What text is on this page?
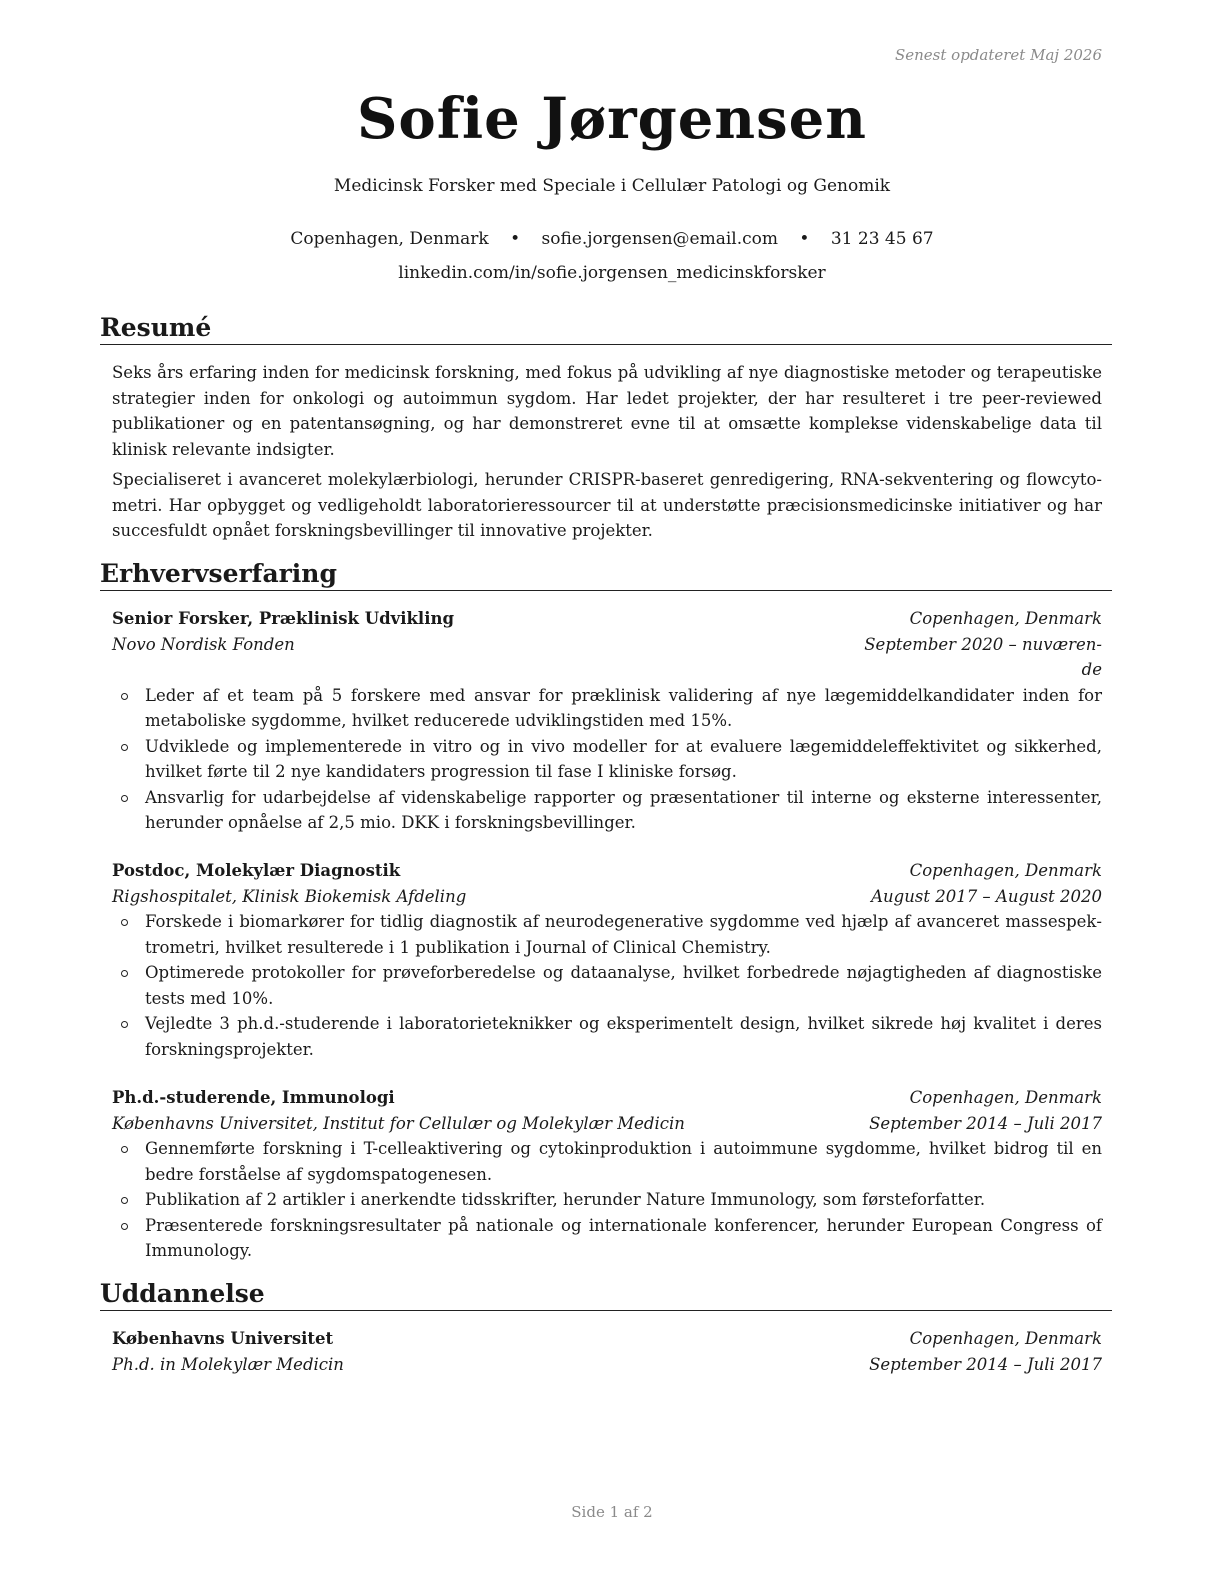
Senest opdateret Maj 2026
Sofie Jørgensen
Medicinsk Forsker med Speciale i Cellulær Patologi og Genomik
Copenhagen, Denmark • sofie.jorgensen@email.com • 31 23 45 67
linkedin.com/in/sofie.jorgensen_medicinskforsker
Resumé

Seks års erfaring inden for medicinsk forskning, med fokus på udvikling af nye diagnostiske metoder og terapeutiske strategier inden for onkologi og autoimmun sygdom. Har ledet projekter, der har resulteret i tre peer-reviewed publikationer og en patentansøgning, og har demonstreret evne til at omsætte komplekse videnskabelige data til klinisk relevante indsigter.

Specialiseret i avanceret molekylærbiologi, herunder CRISPR-baseret genredigering, RNA-sekventering og flowcytometri. Har opbygget og vedligeholdt laboratorieressourcer til at understøtte præcisionsmedicinske initiativer og har succesfuldt opnået forskningsbevillinger til innovative projekter.

Erhvervserfaring
Senior Forsker, Præklinisk Udvikling	Copenhagen, Denmark
Novo Nordisk Fonden	September 2020 – nuværen-de
Leder af et team på 5 forskere med ansvar for præklinisk validering af nye lægemiddelkandidater inden for metaboliske sygdomme, hvilket reducerede udviklingstiden med 15%.
Udviklede og implementerede in vitro og in vivo modeller for at evaluere lægemiddeleffektivitet og sikkerhed, hvilket førte til 2 nye kandidaters progression til fase I kliniske forsøg.
Ansvarlig for udarbejdelse af videnskabelige rapporter og præsentationer til interne og eksterne interessenter, herunder opnåelse af 2,5 mio. DKK i forskningsbevillinger.
Postdoc, Molekylær Diagnostik	Copenhagen, Denmark
Rigshospitalet, Klinisk Biokemisk Afdeling	August 2017 – August 2020
Forskede i biomarkører for tidlig diagnostik af neurodegenerative sygdomme ved hjælp af avanceret massespektrometri, hvilket resulterede i 1 publikation i Journal of Clinical Chemistry.
Optimerede protokoller for prøveforberedelse og dataanalyse, hvilket forbedrede nøjagtigheden af diagnostiske tests med 10%.
Vejledte 3 ph.d.-studerende i laboratorieteknikker og eksperimentelt design, hvilket sikrede høj kvalitet i deres forskningsprojekter.
Ph.d.-studerende, Immunologi	Copenhagen, Denmark
Københavns Universitet, Institut for Cellulær og Molekylær Medicin	September 2014 – Juli 2017
Gennemførte forskning i T-celleaktivering og cytokinproduktion i autoimmune sygdomme, hvilket bidrog til en bedre forståelse af sygdomspatogenesen.
Publikation af 2 artikler i anerkendte tidsskrifter, herunder Nature Immunology, som førsteforfatter.
Præsenterede forskningsresultater på nationale og internationale konferencer, herunder European Congress of Immunology.
Uddannelse
Københavns Universitet	Copenhagen, Denmark
Ph.d. in Molekylær Medicin	September 2014 – Juli 2017
Side 1 af 2
